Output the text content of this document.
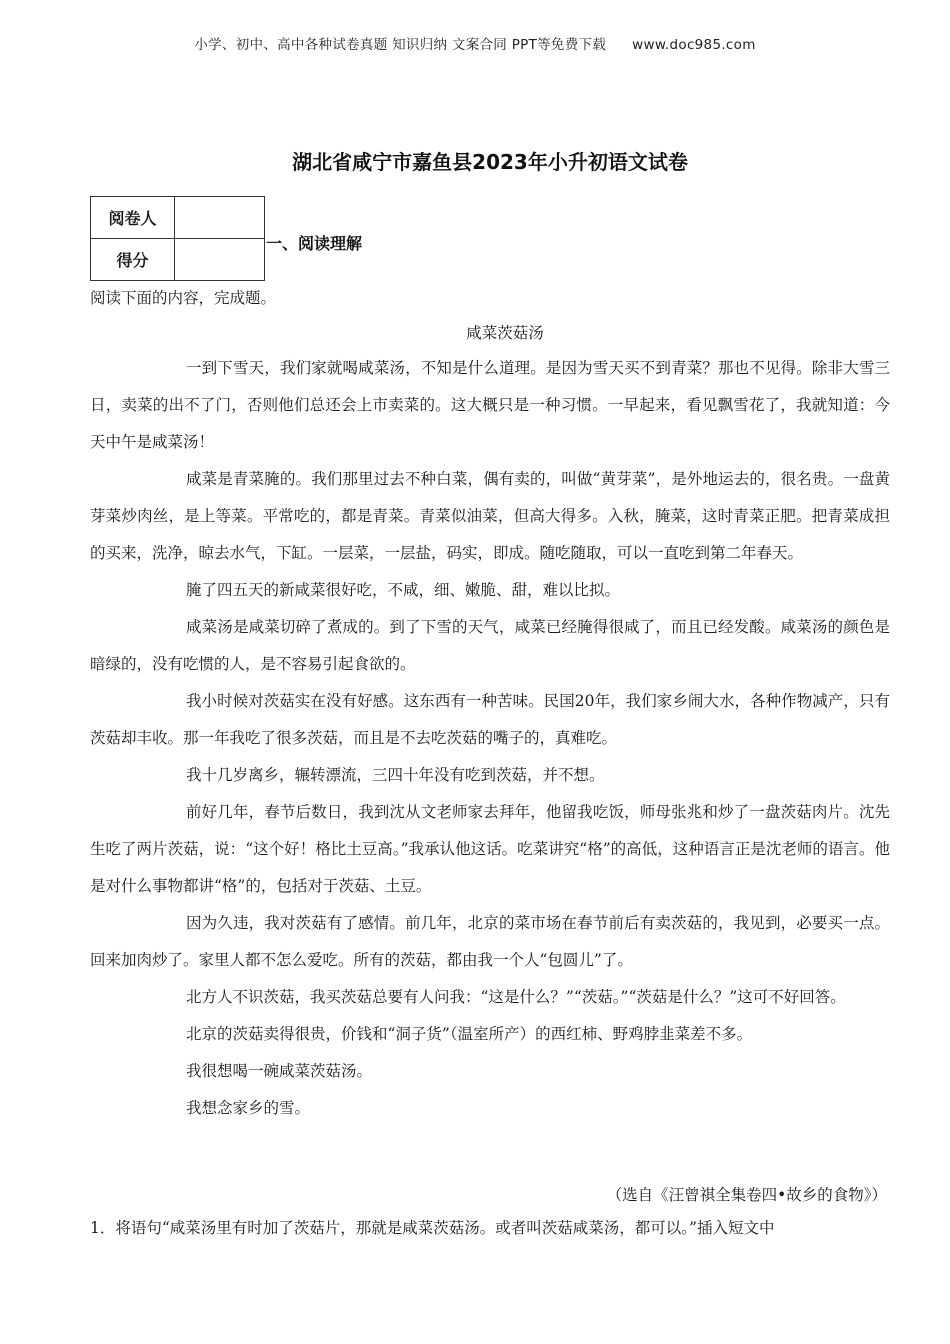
小学、初中、高中各种试卷真题 知识归纳 文案合同 PPT等免费下载 www.doc985.com
湖北省咸宁市嘉鱼县2023年小升初语文试卷
阅卷人	
得分	
一、阅读理解
阅读下面的内容，完成题。
咸菜茨菇汤

一到下雪天，我们家就喝咸菜汤，不知是什么道理。是因为雪天买不到青菜？那也不见得。除非大雪三日，卖菜的出不了门，否则他们总还会上市卖菜的。这大概只是一种习惯。一早起来，看见飘雪花了，我就知道：今天中午是咸菜汤！

咸菜是青菜腌的。我们那里过去不种白菜，偶有卖的，叫做“黄芽菜”，是外地运去的，很名贵。一盘黄芽菜炒肉丝，是上等菜。平常吃的，都是青菜。青菜似油菜，但高大得多。入秋，腌菜，这时青菜正肥。把青菜成担的买来，洗净，晾去水气，下缸。一层菜，一层盐，码实，即成。随吃随取，可以一直吃到第二年春天。

腌了四五天的新咸菜很好吃，不咸，细、嫩脆、甜，难以比拟。

咸菜汤是咸菜切碎了煮成的。到了下雪的天气，咸菜已经腌得很咸了，而且已经发酸。咸菜汤的颜色是暗绿的，没有吃惯的人，是不容易引起食欲的。

我小时候对茨菇实在没有好感。这东西有一种苦味。民国20年，我们家乡闹大水，各种作物减产，只有茨菇却丰收。那一年我吃了很多茨菇，而且是不去吃茨菇的嘴子的，真难吃。

我十几岁离乡，辗转漂流，三四十年没有吃到茨菇，并不想。

前好几年，春节后数日，我到沈从文老师家去拜年，他留我吃饭，师母张兆和炒了一盘茨菇肉片。沈先生吃了两片茨菇，说：“这个好！格比土豆高。”我承认他这话。吃菜讲究“格”的高低，这种语言正是沈老师的语言。他是对什么事物都讲“格”的，包括对于茨菇、土豆。

因为久违，我对茨菇有了感情。前几年，北京的菜市场在春节前后有卖茨菇的，我见到，必要买一点。回来加肉炒了。家里人都不怎么爱吃。所有的茨菇，都由我一个人“包圆儿”了。

北方人不识茨菇，我买茨菇总要有人问我：“这是什么？”“茨菇。”“茨菇是什么？”这可不好回答。

北京的茨菇卖得很贵，价钱和“洞子货”（温室所产）的西红柿、野鸡脖韭菜差不多。

我很想喝一碗咸菜茨菇汤。

我想念家乡的雪。

（选自《汪曾祺全集卷四•故乡的食物》）
1．将语句“咸菜汤里有时加了茨菇片，那就是咸菜茨菇汤。或者叫茨菇咸菜汤，都可以。”插入短文中
